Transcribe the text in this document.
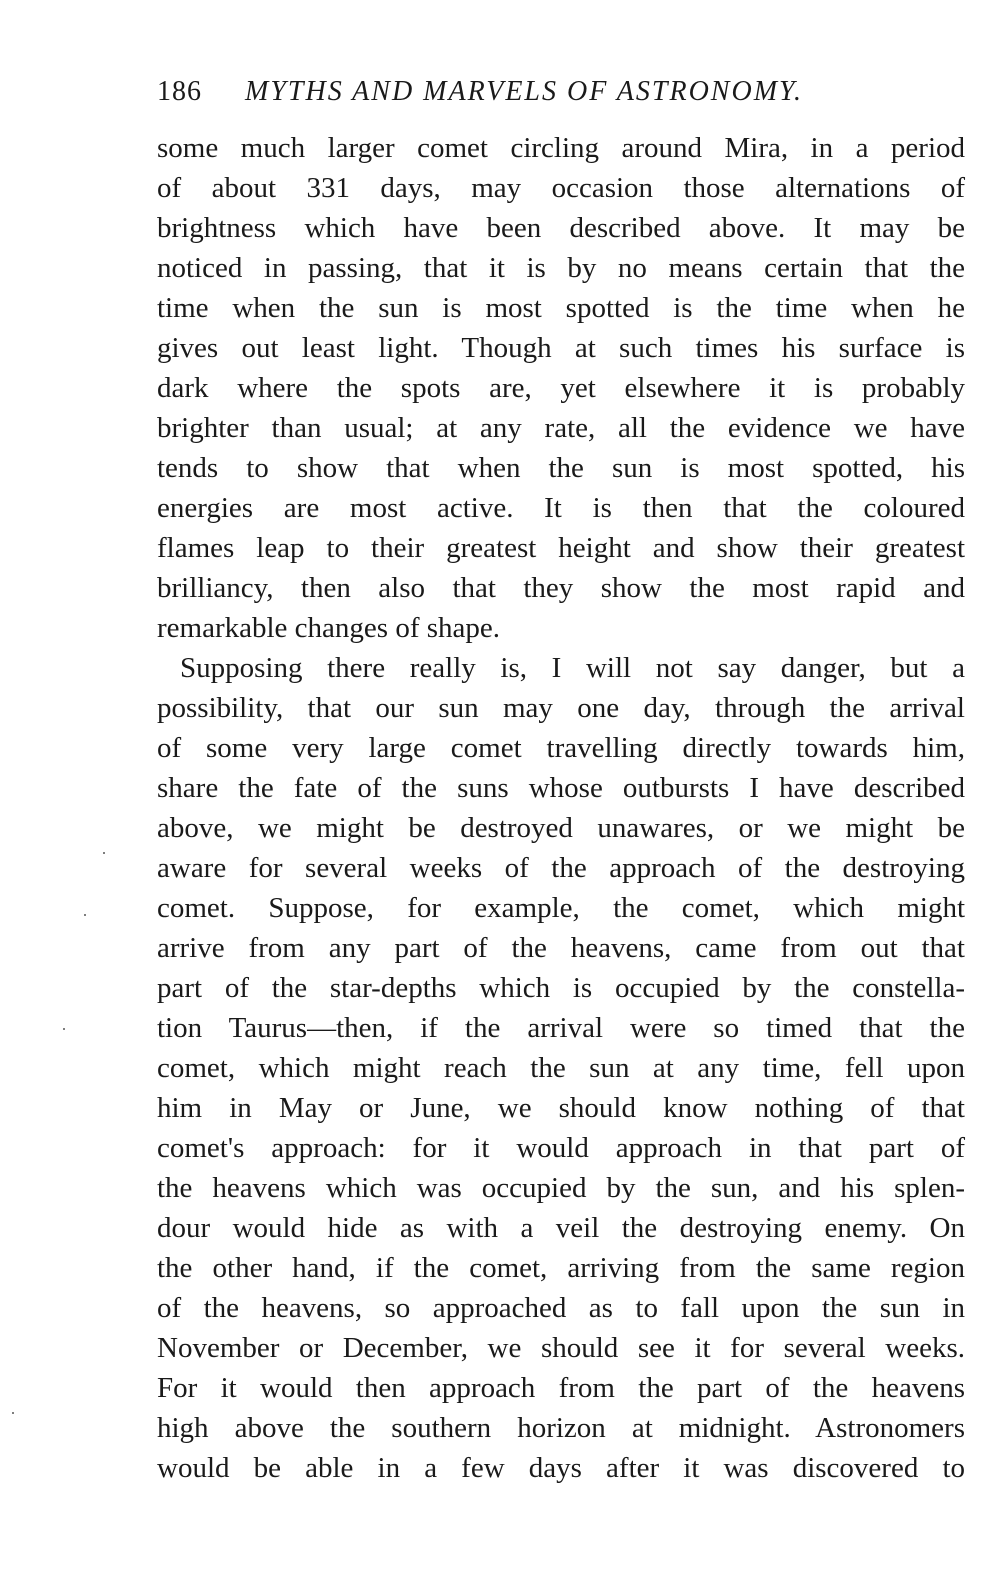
186 MYTHS AND MARVELS OF ASTRONOMY.
some much larger comet circling around Mira, in a period
of about 331 days, may occasion those alternations of
brightness which have been described above. It may be
noticed in passing, that it is by no means certain that the
time when the sun is most spotted is the time when he
gives out least light. Though at such times his surface is
dark where the spots are, yet elsewhere it is probably
brighter than usual; at any rate, all the evidence we have
tends to show that when the sun is most spotted, his
energies are most active. It is then that the coloured
flames leap to their greatest height and show their greatest
brilliancy, then also that they show the most rapid and
remarkable changes of shape.
Supposing there really is, I will not say danger, but a
possibility, that our sun may one day, through the arrival
of some very large comet travelling directly towards him,
share the fate of the suns whose outbursts I have described
above, we might be destroyed unawares, or we might be
aware for several weeks of the approach of the destroying
comet. Suppose, for example, the comet, which might
arrive from any part of the heavens, came from out that
part of the star-depths which is occupied by the constella-
tion Taurus—then, if the arrival were so timed that the
comet, which might reach the sun at any time, fell upon
him in May or June, we should know nothing of that
comet's approach: for it would approach in that part of
the heavens which was occupied by the sun, and his splen-
dour would hide as with a veil the destroying enemy. On
the other hand, if the comet, arriving from the same region
of the heavens, so approached as to fall upon the sun in
November or December, we should see it for several weeks.
For it would then approach from the part of the heavens
high above the southern horizon at midnight. Astronomers
would be able in a few days after it was discovered to
